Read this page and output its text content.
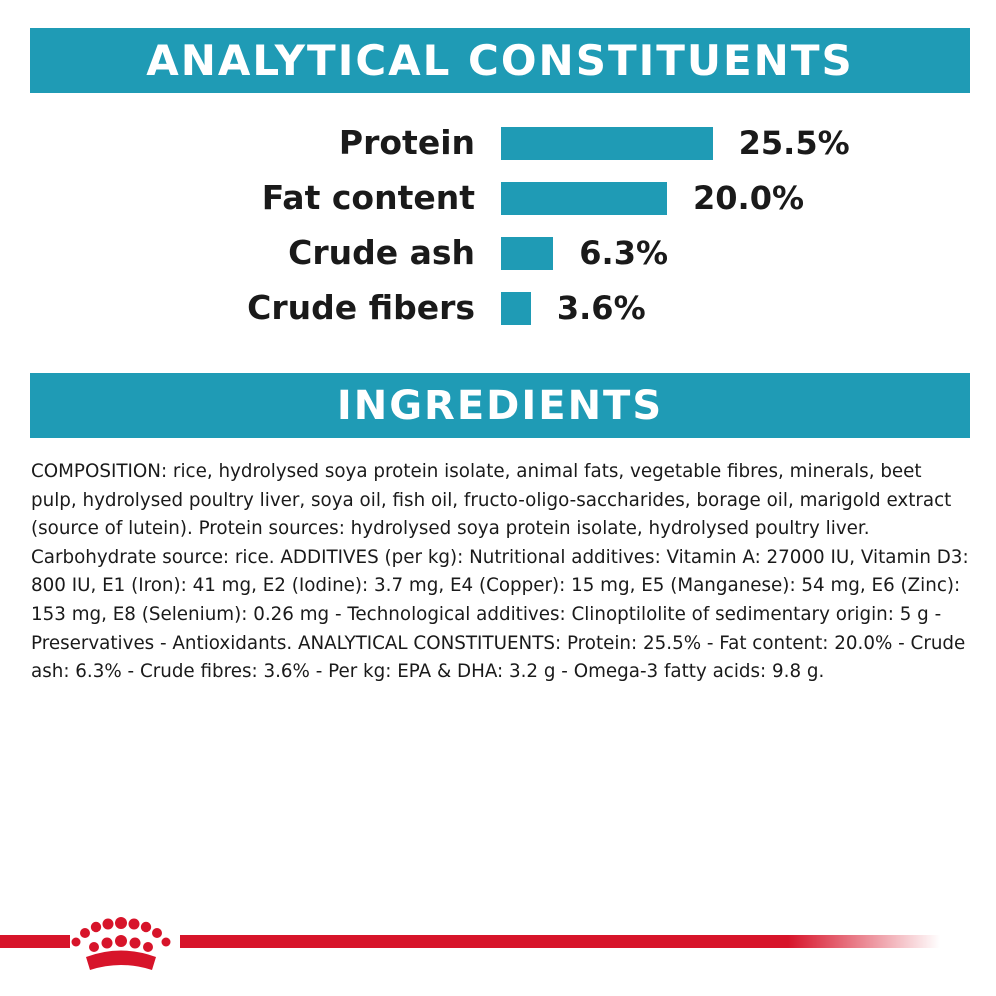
ANALYTICAL CONSTITUENTS
Protein	25.5%
Fat content	20.0%
Crude ash	6.3%
Crude fibers	3.6%
INGREDIENTS
COMPOSITION: rice, hydrolysed soya protein isolate, animal fats, vegetable fibres, minerals, beet pulp, hydrolysed poultry liver, soya oil, fish oil, fructo-oligo-saccharides, borage oil, marigold extract (source of lutein). Protein sources: hydrolysed soya protein isolate, hydrolysed poultry liver. Carbohydrate source: rice. ADDITIVES (per kg): Nutritional additives: Vitamin A: 27000 IU, Vitamin D3: 800 IU, E1 (Iron): 41 mg, E2 (Iodine): 3.7 mg, E4 (Copper): 15 mg, E5 (Manganese): 54 mg, E6 (Zinc): 153 mg, E8 (Selenium): 0.26 mg - Technological additives: Clinoptilolite of sedimentary origin: 5 g - Preservatives - Antioxidants. ANALYTICAL CONSTITUENTS: Protein: 25.5% - Fat content: 20.0% - Crude ash: 6.3% - Crude fibres: 3.6% - Per kg: EPA & DHA: 3.2 g - Omega-3 fatty acids: 9.8 g.
